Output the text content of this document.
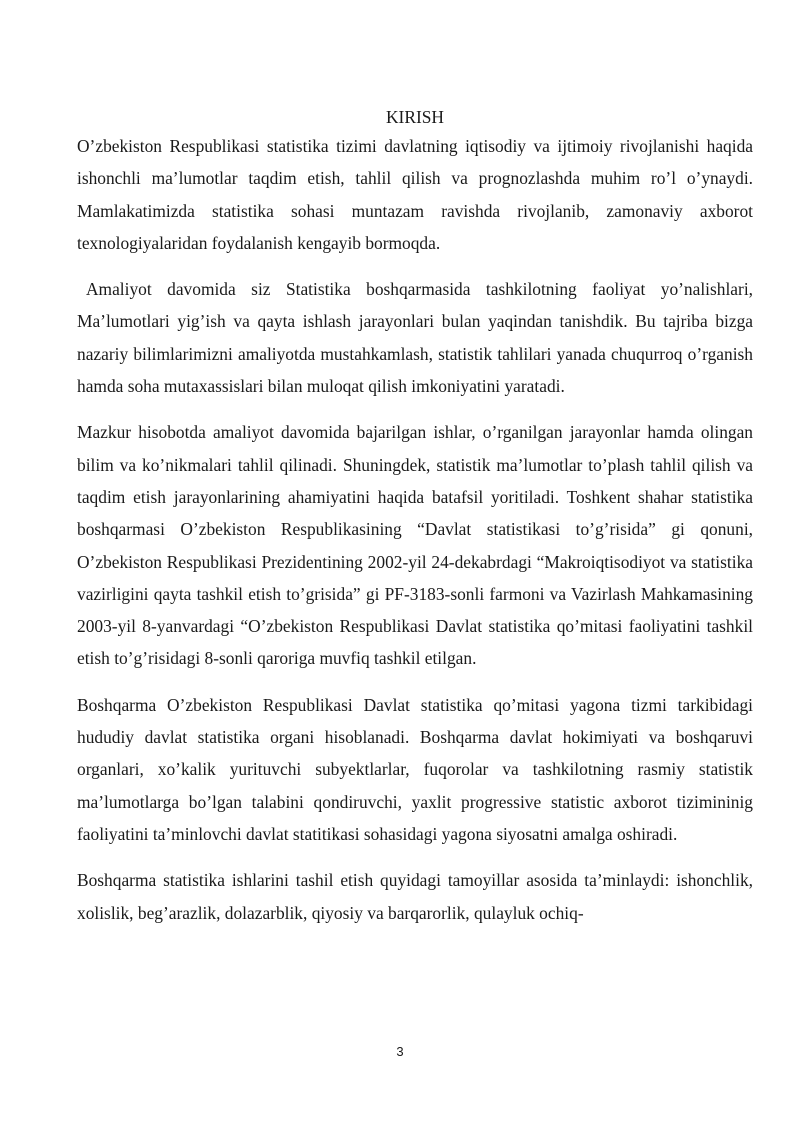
KIRISH

O’zbekiston Respublikasi statistika tizimi davlatning iqtisodiy va ijtimoiy rivojlanishi haqida ishonchli ma’lumotlar taqdim etish, tahlil qilish va prognozlashda muhim ro’l o’ynaydi. Mamlakatimizda statistika sohasi muntazam ravishda rivojlanib, zamonaviy axborot texnologiyalaridan foydalanish kengayib bormoqda.

Amaliyot davomida siz Statistika boshqarmasida tashkilotning faoliyat yo’nalishlari, Ma’lumotlari yig’ish va qayta ishlash jarayonlari bulan yaqindan tanishdik. Bu tajriba bizga nazariy bilimlarimizni amaliyotda mustahkamlash, statistik tahlilari yanada chuqurroq o’rganish hamda soha mutaxassislari bilan muloqat qilish imkoniyatini yaratadi.

Mazkur hisobotda amaliyot davomida bajarilgan ishlar, o’rganilgan jarayonlar hamda olingan bilim va ko’nikmalari tahlil qilinadi. Shuningdek, statistik ma’lumotlar to’plash tahlil qilish va taqdim etish jarayonlarining ahamiyatini haqida batafsil yoritiladi. Toshkent shahar statistika boshqarmasi O’zbekiston Respublikasining “Davlat statistikasi to’g’risida” gi qonuni, O’zbekiston Respublikasi Prezidentining 2002-yil 24-dekabrdagi “Makroiqtisodiyot va statistika vazirligini qayta tashkil etish to’grisida” gi PF-3183-sonli farmoni va Vazirlash Mahkamasining 2003-yil 8-yanvardagi “O’zbekiston Respublikasi Davlat statistika qo’mitasi faoliyatini tashkil etish to’g’risidagi 8-sonli qaroriga muvfiq tashkil etilgan.

Boshqarma O’zbekiston Respublikasi Davlat statistika qo’mitasi yagona tizmi tarkibidagi hududiy davlat statistika organi hisoblanadi. Boshqarma davlat hokimiyati va boshqaruvi organlari, xo’kalik yurituvchi subyektlarlar, fuqorolar va tashkilotning rasmiy statistik ma’lumotlarga bo’lgan talabini qondiruvchi, yaxlit progressive statistic axborot tizimininig faoliyatini ta’minlovchi davlat statitikasi sohasidagi yagona siyosatni amalga oshiradi.

Boshqarma statistika ishlarini tashil etish quyidagi tamoyillar asosida ta’minlaydi: ishonchlik, xolislik, beg’arazlik, dolazarblik, qiyosiy va barqarorlik, qulayluk ochiq-

3
